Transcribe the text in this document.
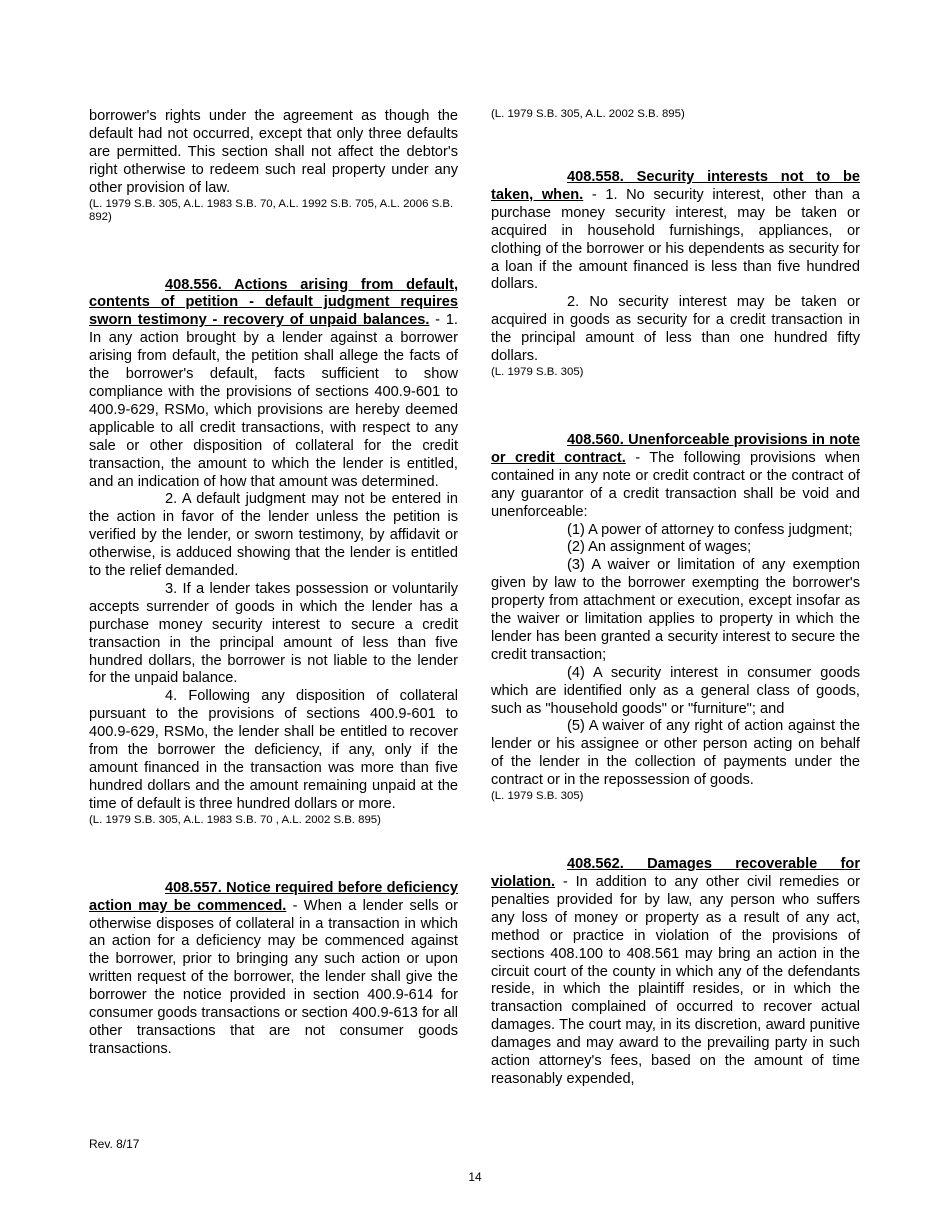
borrower's rights under the agreement as though the default had not occurred, except that only three defaults are permitted. This section shall not affect the debtor's right otherwise to redeem such real property under any other provision of law.

(L. 1979 S.B. 305, A.L. 1983 S.B. 70, A.L. 1992 S.B. 705, A.L. 2006 S.B. 892)

408.556. Actions arising from default, contents of petition - default judgment requires sworn testimony - recovery of unpaid balances. - 1. In any action brought by a lender against a borrower arising from default, the petition shall allege the facts of the borrower's default, facts sufficient to show compliance with the provisions of sections 400.9-601 to 400.9-629, RSMo, which provisions are hereby deemed applicable to all credit transactions, with respect to any sale or other disposition of collateral for the credit transaction, the amount to which the lender is entitled, and an indication of how that amount was determined.

2. A default judgment may not be entered in the action in favor of the lender unless the petition is verified by the lender, or sworn testimony, by affidavit or otherwise, is adduced showing that the lender is entitled to the relief demanded.

3. If a lender takes possession or voluntarily accepts surrender of goods in which the lender has a purchase money security interest to secure a credit transaction in the principal amount of less than five hundred dollars, the borrower is not liable to the lender for the unpaid balance.

4. Following any disposition of collateral pursuant to the provisions of sections 400.9-601 to 400.9-629, RSMo, the lender shall be entitled to recover from the borrower the deficiency, if any, only if the amount financed in the transaction was more than five hundred dollars and the amount remaining unpaid at the time of default is three hundred dollars or more.

(L. 1979 S.B. 305, A.L. 1983 S.B. 70 , A.L. 2002 S.B. 895)

408.557. Notice required before deficiency action may be commenced. - When a lender sells or otherwise disposes of collateral in a transaction in which an action for a deficiency may be commenced against the borrower, prior to bringing any such action or upon written request of the borrower, the lender shall give the borrower the notice provided in section 400.9-614 for consumer goods transactions or section 400.9-613 for all other transactions that are not consumer goods transactions.

(L. 1979 S.B. 305, A.L. 2002 S.B. 895)

408.558. Security interests not to be taken, when. - 1. No security interest, other than a purchase money security interest, may be taken or acquired in household furnishings, appliances, or clothing of the borrower or his dependents as security for a loan if the amount financed is less than five hundred dollars.

2. No security interest may be taken or acquired in goods as security for a credit transaction in the principal amount of less than one hundred fifty dollars.

(L. 1979 S.B. 305)

408.560. Unenforceable provisions in note or credit contract. - The following provisions when contained in any note or credit contract or the contract of any guarantor of a credit transaction shall be void and unenforceable:

(1) A power of attorney to confess judgment;

(2) An assignment of wages;

(3) A waiver or limitation of any exemption given by law to the borrower exempting the borrower's property from attachment or execution, except insofar as the waiver or limitation applies to property in which the lender has been granted a security interest to secure the credit transaction;

(4) A security interest in consumer goods which are identified only as a general class of goods, such as "household goods" or "furniture"; and

(5) A waiver of any right of action against the lender or his assignee or other person acting on behalf of the lender in the collection of payments under the contract or in the repossession of goods.

(L. 1979 S.B. 305)

408.562. Damages recoverable for violation. - In addition to any other civil remedies or penalties provided for by law, any person who suffers any loss of money or property as a result of any act, method or practice in violation of the provisions of sections 408.100 to 408.561 may bring an action in the circuit court of the county in which any of the defendants reside, in which the plaintiff resides, or in which the transaction complained of occurred to recover actual damages. The court may, in its discretion, award punitive damages and may award to the prevailing party in such action attorney's fees, based on the amount of time reasonably expended,

Rev. 8/17
14
